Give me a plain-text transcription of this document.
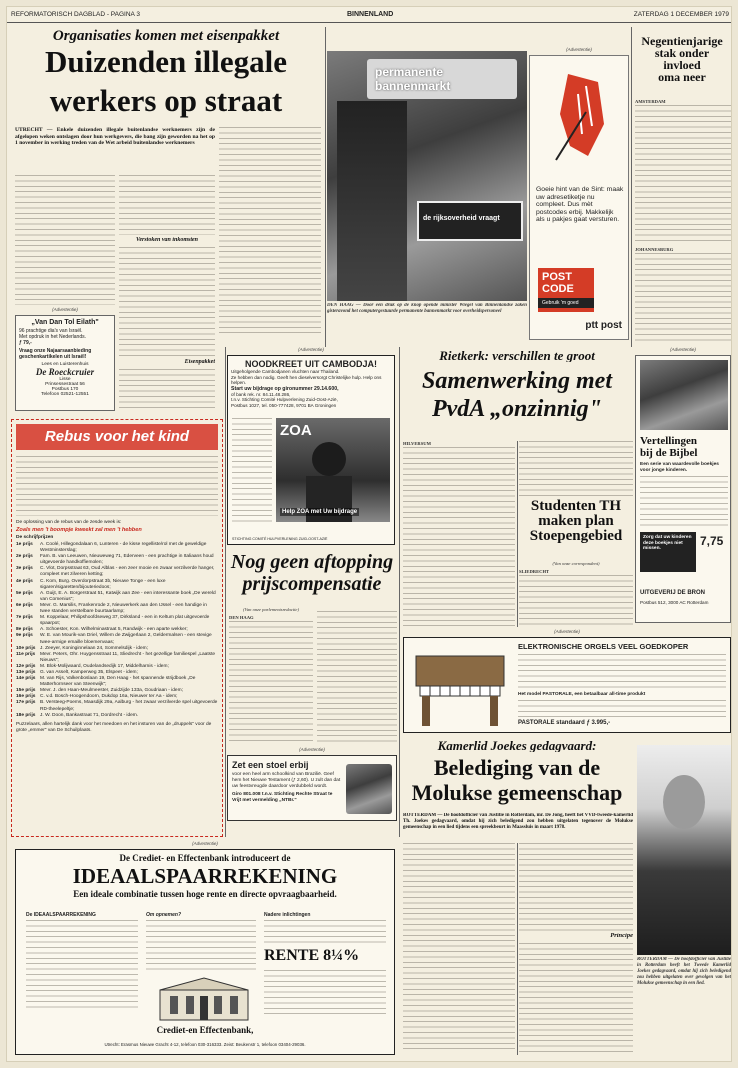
REFORMATORISCH DAGBLAD - PAGINA 3	BINNENLAND	ZATERDAG 1 DECEMBER 1979
Organisaties komen met eisenpakket
Duizenden illegale
werkers op straat
UTRECHT — Enkele duizenden illegale buitenlandse werknemers zijn de afgelopen weken ontslagen door hun werkgevers, die bang zijn geworden na het op 1 november in werking treden van de Wet arbeid buitenlandse werknemers
Verstoken van inkomsten
Eisenpakket
permanente bannenmarkt
de rijksoverheid vraagt
DEN HAAG — Door een druk op de knop opende minister Wiegel van Binnenlandse zaken gisteravond het computergestuurde permanente bannenmarkt voor overheidspersoneel
(Advertentie)
Goeie hint van de Sint: maak uw adresetiketje nu compleet. Dus mèt postcodes erbij. Makkelijk als u pakjes gaat versturen.
POST
CODE
Gebruik 'm goed
ptt post
Negentienjarige
stak onder
invloed
oma neer
AMSTERDAM
JOHANNESBURG
(Advertentie)
„Van Dan Tol Eilath"
96 prachtige dia's van Israël.
Met opdruk in het Nederlands.
ƒ 79,-
Vraag onze Najaarsaanbieding geschenkartikelen uit Israël!
Lees en Luisterenhuis
De Roeckcruier
Lisse
Prinsessestraat 56
Postbus 170
Telefoon 02521-12551
Rebus voor het kind
De oplossing van de rebus van de zesde week is:
Zoals men 't boompje kweekt zal men 't hebben
De schrijfprijzen
1e prijs	A. Coolé, Hillegondalaan 6, Lunteren - de kisse regelliste/rol met de geweldige Westminsterslag;
2e prijs	Fam. B. van Leeuwen, Nieuweweg 71, Ederveen - een prachtige in Italiaans houd uitgevoerde handkoffiemolen;
3e prijs	C. Vlot, Dorpsstraat 63, Oud Alblas - een zeer mooie en zwaar verzilverde hanger, compleet met zilveren ketting;
4e prijs	C. Kom, Burg. Overdorpstraat 3b, Nieuwe Tonge - een luxe sigaren/sigaretten/bijouteriedoos;
5e prijs	A. Guijt, E. A. Borgerstraat 51, Katwijk aan Zee - een interessante boek „De wereld van Comenius";
6e prijs	Mevr. G. Marsilis, Frankenrode 2, Nieuwerkerk aan den IJssel - een handige in twee standen verstelbare buurtaarlamp;
7e prijs	M. Koppelaar, Philipshoofdseweg 37, Dirksland - een in Keltum plat uitgevoerde spaarpot;
8e prijs	A. Schoester, Kon. Wilhelminastraat 5, Randwijk - een aparte wekker;
9e prijs	W. E. van Mourik-van Driel, Willem de Zwijgerlaan 2, Geldermalsen - een stevige twee-armige emaille bloemenvaas;
10e prijs J. Zeeyer, Koninginnelaan 24, Sommelsdijk - idem;
11e prijs Mevr. Peters, Ohr. Huygensstraat 11, Sliedrecht - het gezellige familiespel „Laatste Nieuws";
12e prijs M. Blok-Molijwaard, Oudelandsedijk 17, Middelharnis - idem;
13e prijs G. van Asselt, Kamperweg 35, Elspeet - idem;
14e prijs M. van Rijs, Valkenboslaan 19, Den Haag - het spannende strijdboek „De Matterhornseer van Steenwijk";
15e prijs Mevr. J. den Haan-Meulmeester, Zuidzijde 133a, Goudriaan - idem;
16e prijs C. v.d. Bosch-Hoogendoorn, Dukdop 16a, Nieuwer ter Aa - idem;
17e prijs B. Versteeg-Poems, Maasdijk 29a, Aalburg - het zwaar verzilverde spel uitgevoerde RD-theelepeltje;
18e prijs J. W. Doon, Bankastraat 71, Dordrecht - idem.
Puzzelaars, allen hartelijk dank voor het meedoen en het insturen van de „druppels" voor de grote „emmer" van De Schuilplaats.
(Advertentie)
NOODKREET UIT CAMBODJA!
Uitgeholgende Cambodjanen vluchten naar Thailand.
Ze hebben dan nodig. Geeft hen dieselversorgt Christelijke hulp. Help ons helpen.
Start uw bijdrage op gironummer 29.14.600,
of bank rek. nr. 84.11.48.286,
t.n.v. Stichting Comité Hulpverlening Zuid-Oost-Azië,
Postbus 1027, tel. 050-777428, 9701 BA Groningen
ZOA
Help ZOA met Uw bijdrage
STICHTING COMITÉ HULPVERLENING ZUID-OOST-AZIË
Nog geen aftopping
prijscompensatie
(Van onze parlementsredactie)
DEN HAAG
(Advertentie)
Zet een stoel erbij
voor een heel arm schoolkind van Brazilië. Geef hem het Nieuwe Testament (ƒ 2,60). U zult dan dat uw feestvreugde daardoor verdubbeld wordt.
Giro 801.008 t.n.v. Stichting Rechte Straat te Vrijt met vermelding „NTBr."
Rietkerk: verschillen te groot
Samenwerking met
PvdA „onzinnig"
HILVERSUM
Studenten TH
maken plan
Stoepengebied
(Van onze correspondent)
SLIEDRECHT
(Advertentie)
Vertellingen
bij de Bijbel
Een serie van waardevolle boekjes voor jonge kinderen.
Zorg dat uw kinderen deze boekjes niet missen.
7,75
UITGEVERIJ DE BRON
Postbus 512, 3000 AC Rotterdam
(Advertentie)
ELEKTRONISCHE ORGELS VEEL GOEDKOPER
Het model PASTORALE, een betaalbaar all-time produkt
PASTORALE standaard ƒ 3.995,-
Kamerlid Joekes gedagvaard:
Belediging van de
Molukse gemeenschap
ROTTERDAM — De hoofdofficier van Justitie in Rotterdam, mr. De Jong, heeft het VVD-tweede-kamerlid Th. Joekes gedagvaard, omdat hij zich beledigend zou hebben uitgelaten tegenover de Molukse gemeenschap in een lied tijdens een spreekbeurt in Maassluis in maart 1978.
Principe
ROTTERDAM — De hoofdofficier van Justitie in Rotterdam heeft het Tweede Kamerlid Joekes gedagvaard, omdat hij zich beledigend zou hebben uitgelaten over gevolgen van het Molukse gemeenschap in een lied.
(Advertentie)
De Crediet- en Effectenbank introduceert de
IDEAALSPAARREKENING
Een ideale combinatie tussen hoge rente en directe opvraagbaarheid.
De IDEAALSPAARREKENING	Om opnemen?	Nadere inlichtingen
RENTE 8¼%
Crediet-en Effectenbank,
Utrecht: Erasmus Nieuwe Gracht 4-12, telefoon 030-316333. Zeist: Beukenstr 1, telefoon 03404-29036.
